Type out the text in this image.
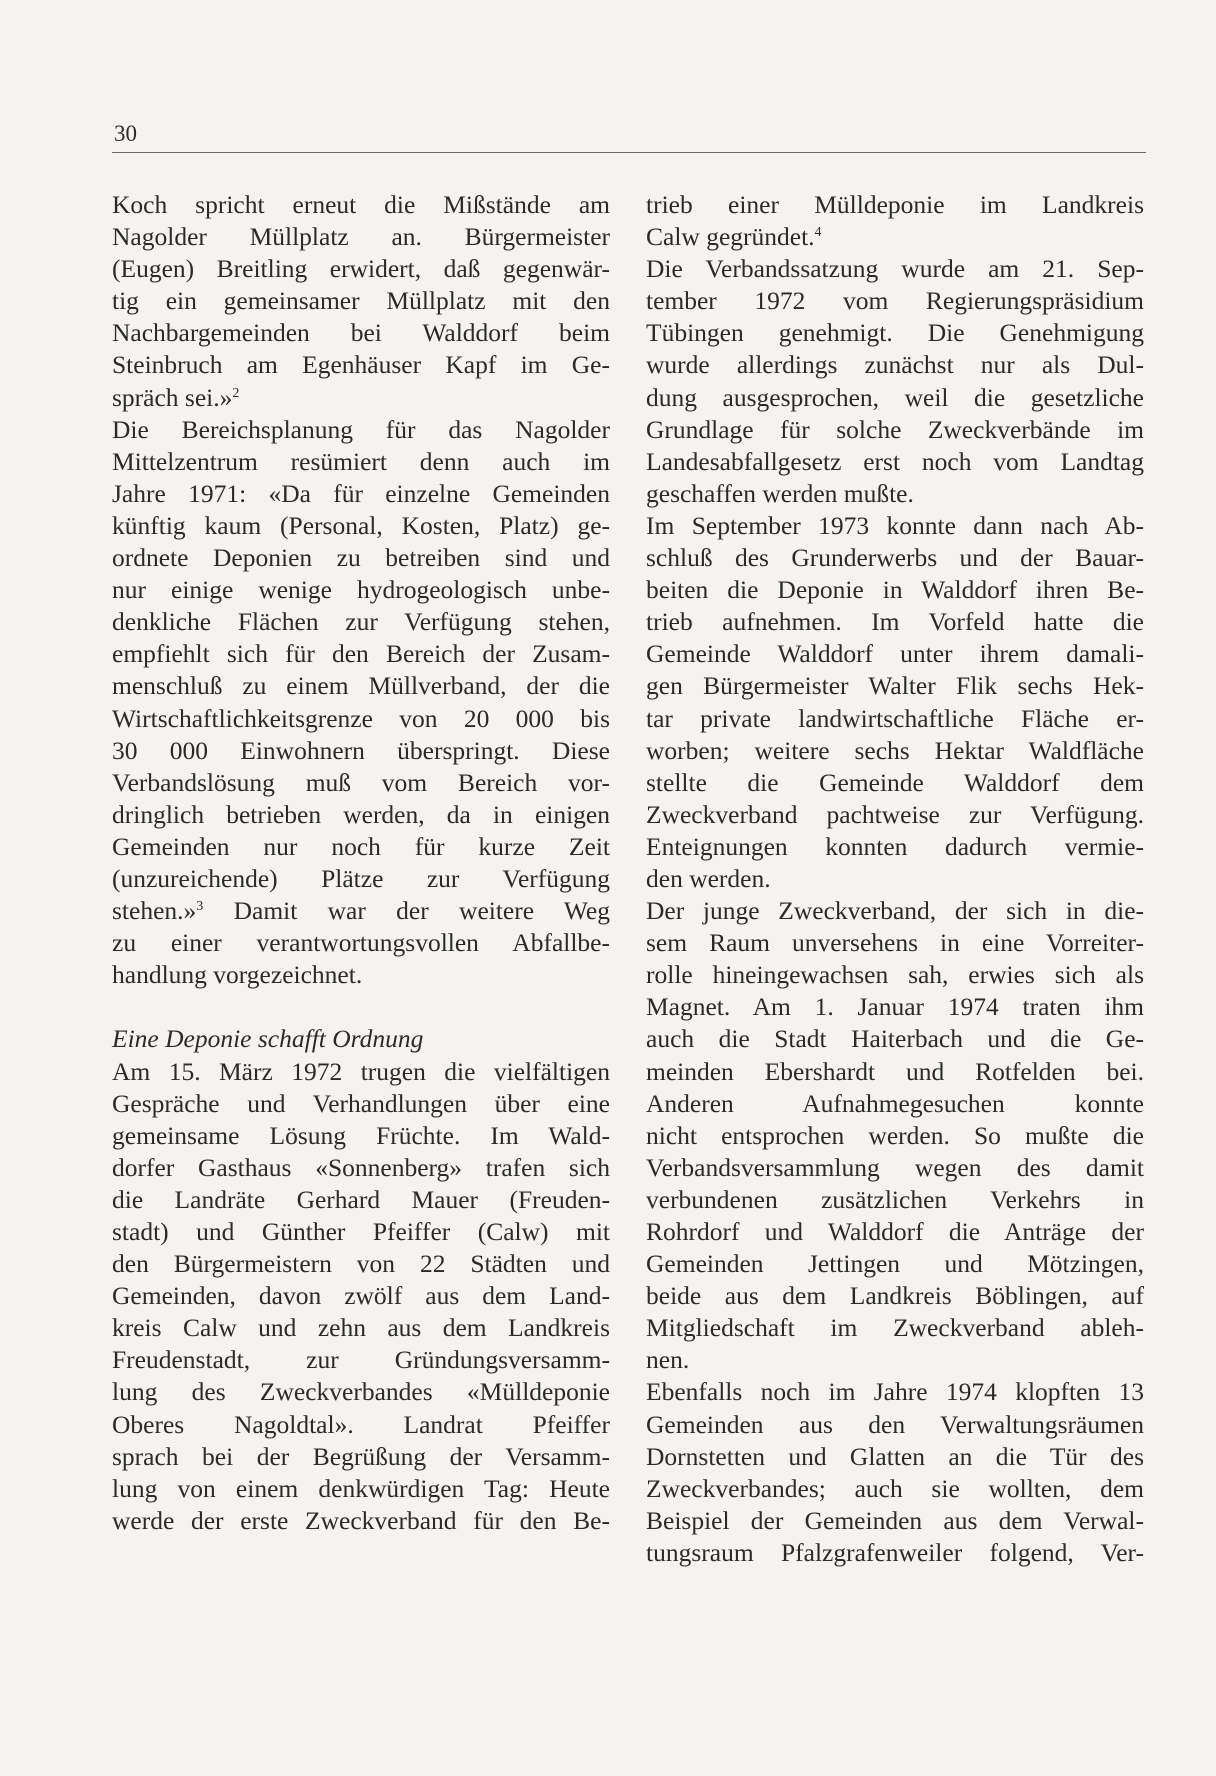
30
Koch spricht erneut die Mißstände am
Nagolder Müllplatz an. Bürgermeister
(Eugen) Breitling erwidert, daß gegenwär-
tig ein gemeinsamer Müllplatz mit den
Nachbargemeinden bei Walddorf beim
Steinbruch am Egenhäuser Kapf im Ge-
spräch sei.»$^2$
Die Bereichsplanung für das Nagolder
Mittelzentrum resümiert denn auch im
Jahre 1971: «Da für einzelne Gemeinden
künftig kaum (Personal, Kosten, Platz) ge-
ordnete Deponien zu betreiben sind und
nur einige wenige hydrogeologisch unbe-
denkliche Flächen zur Verfügung stehen,
empfiehlt sich für den Bereich der Zusam-
menschluß zu einem Müllverband, der die
Wirtschaftlichkeitsgrenze von 20 000 bis
30 000 Einwohnern überspringt. Diese
Verbandslösung muß vom Bereich vor-
dringlich betrieben werden, da in einigen
Gemeinden nur noch für kurze Zeit
(unzureichende) Plätze zur Verfügung
stehen.»$^3$ Damit war der weitere Weg
zu einer verantwortungsvollen Abfallbe-
handlung vorgezeichnet.
Eine Deponie schafft Ordnung
Am 15. März 1972 trugen die vielfältigen
Gespräche und Verhandlungen über eine
gemeinsame Lösung Früchte. Im Wald-
dorfer Gasthaus «Sonnenberg» trafen sich
die Landräte Gerhard Mauer (Freuden-
stadt) und Günther Pfeiffer (Calw) mit
den Bürgermeistern von 22 Städten und
Gemeinden, davon zwölf aus dem Land-
kreis Calw und zehn aus dem Landkreis
Freudenstadt, zur Gründungsversamm-
lung des Zweckverbandes «Mülldeponie
Oberes Nagoldtal». Landrat Pfeiffer
sprach bei der Begrüßung der Versamm-
lung von einem denkwürdigen Tag: Heute
werde der erste Zweckverband für den Be-
trieb einer Mülldeponie im Landkreis
Calw gegründet.$^4$
Die Verbandssatzung wurde am 21. Sep-
tember 1972 vom Regierungspräsidium
Tübingen genehmigt. Die Genehmigung
wurde allerdings zunächst nur als Dul-
dung ausgesprochen, weil die gesetzliche
Grundlage für solche Zweckverbände im
Landesabfallgesetz erst noch vom Landtag
geschaffen werden mußte.
Im September 1973 konnte dann nach Ab-
schluß des Grunderwerbs und der Bauar-
beiten die Deponie in Walddorf ihren Be-
trieb aufnehmen. Im Vorfeld hatte die
Gemeinde Walddorf unter ihrem damali-
gen Bürgermeister Walter Flik sechs Hek-
tar private landwirtschaftliche Fläche er-
worben; weitere sechs Hektar Waldfläche
stellte die Gemeinde Walddorf dem
Zweckverband pachtweise zur Verfügung.
Enteignungen konnten dadurch vermie-
den werden.
Der junge Zweckverband, der sich in die-
sem Raum unversehens in eine Vorreiter-
rolle hineingewachsen sah, erwies sich als
Magnet. Am 1. Januar 1974 traten ihm
auch die Stadt Haiterbach und die Ge-
meinden Ebershardt und Rotfelden bei.
Anderen Aufnahmegesuchen konnte
nicht entsprochen werden. So mußte die
Verbandsversammlung wegen des damit
verbundenen zusätzlichen Verkehrs in
Rohrdorf und Walddorf die Anträge der
Gemeinden Jettingen und Mötzingen,
beide aus dem Landkreis Böblingen, auf
Mitgliedschaft im Zweckverband ableh-
nen.
Ebenfalls noch im Jahre 1974 klopften 13
Gemeinden aus den Verwaltungsräumen
Dornstetten und Glatten an die Tür des
Zweckverbandes; auch sie wollten, dem
Beispiel der Gemeinden aus dem Verwal-
tungsraum Pfalzgrafenweiler folgend, Ver-
